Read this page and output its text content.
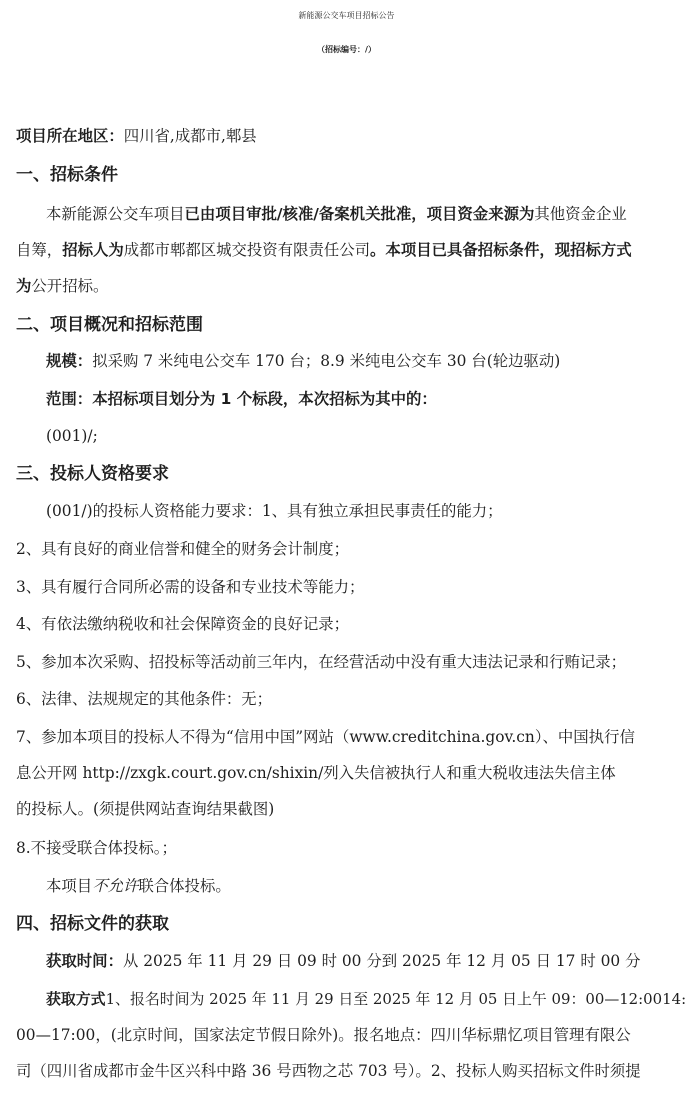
新能源公交车项目招标公告
（招标编号：/）
项目所在地区：四川省,成都市,郫县
一、招标条件
本新能源公交车项目已由项目审批/核准/备案机关批准，项目资金来源为其他资金企业
自筹，招标人为成都市郫都区城交投资有限责任公司。本项目已具备招标条件，现招标方式
为公开招标。
二、项目概况和招标范围
规模：拟采购 7 米纯电公交车 170 台；8.9 米纯电公交车 30 台(轮边驱动)
范围：本招标项目划分为 1 个标段，本次招标为其中的：
(001)/;
三、投标人资格要求
(001/)的投标人资格能力要求：1、具有独立承担民事责任的能力；
2、具有良好的商业信誉和健全的财务会计制度；
3、具有履行合同所必需的设备和专业技术等能力；
4、有依法缴纳税收和社会保障资金的良好记录；
5、参加本次采购、招投标等活动前三年内，在经营活动中没有重大违法记录和行贿记录；
6、法律、法规规定的其他条件：无；
7、参加本项目的投标人不得为“信用中国”网站（www.creditchina.gov.cn）、中国执行信
息公开网 http://zxgk.court.gov.cn/shixin/列入失信被执行人和重大税收违法失信主体
的投标人。(须提供网站查询结果截图)
8.不接受联合体投标。；
本项目不允许联合体投标。
四、招标文件的获取
获取时间：从 2025 年 11 月 29 日 09 时 00 分到 2025 年 12 月 05 日 17 时 00 分
获取方式1、报名时间为 2025 年 11 月 29 日至 2025 年 12 月 05 日上午 09：00—12:0014:
00—17:00，(北京时间，国家法定节假日除外)。报名地点：四川华标鼎忆项目管理有限公
司（四川省成都市金牛区兴科中路 36 号西物之芯 703 号）。2、投标人购买招标文件时须提
